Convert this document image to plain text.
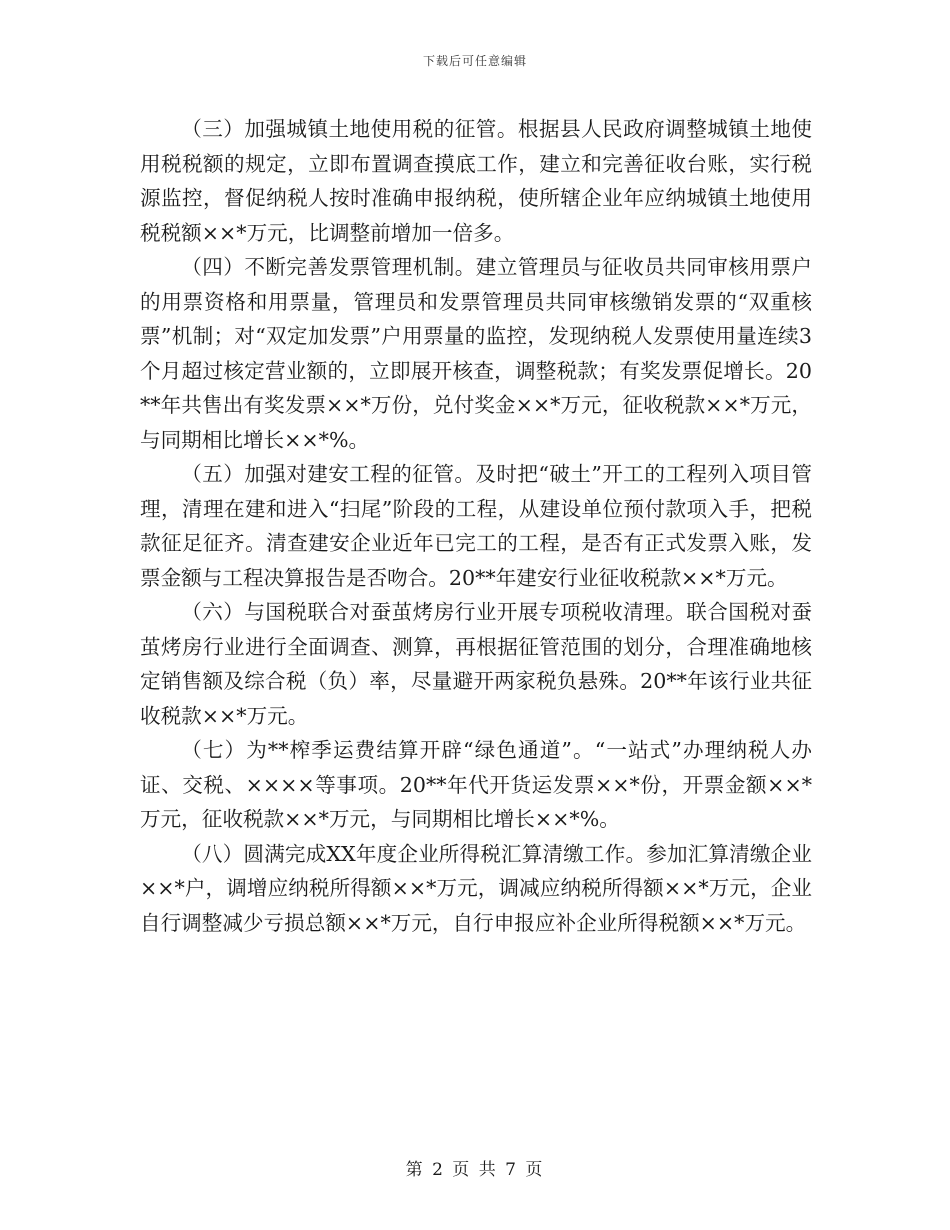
下载后可任意编辑

（三）加强城镇土地使用税的征管。根据县人民政府调整城镇土地使用税税额的规定，立即布置调查摸底工作，建立和完善征收台账，实行税源监控，督促纳税人按时准确申报纳税，使所辖企业年应纳城镇土地使用税税额××*万元，比调整前增加一倍多。

（四）不断完善发票管理机制。建立管理员与征收员共同审核用票户的用票资格和用票量，管理员和发票管理员共同审核缴销发票的“双重核票”机制；对“双定加发票”户用票量的监控，发现纳税人发票使用量连续3个月超过核定营业额的，立即展开核查，调整税款；有奖发票促增长。20**年共售出有奖发票××*万份，兑付奖金××*万元，征收税款××*万元，与同期相比增长××*%。

（五）加强对建安工程的征管。及时把“破土”开工的工程列入项目管理，清理在建和进入“扫尾”阶段的工程，从建设单位预付款项入手，把税款征足征齐。清查建安企业近年已完工的工程，是否有正式发票入账，发票金额与工程决算报告是否吻合。20**年建安行业征收税款××*万元。

（六）与国税联合对蚕茧烤房行业开展专项税收清理。联合国税对蚕茧烤房行业进行全面调查、测算，再根据征管范围的划分，合理准确地核定销售额及综合税（负）率，尽量避开两家税负悬殊。20**年该行业共征收税款××*万元。

（七）为**榨季运费结算开辟“绿色通道”。“一站式”办理纳税人办证、交税、××××等事项。20**年代开货运发票××*份，开票金额××*万元，征收税款××*万元，与同期相比增长××*%。

（八）圆满完成XX年度企业所得税汇算清缴工作。参加汇算清缴企业××*户，调增应纳税所得额××*万元，调减应纳税所得额××*万元，企业自行调整减少亏损总额××*万元，自行申报应补企业所得税额××*万元。

第 2 页 共 7 页
